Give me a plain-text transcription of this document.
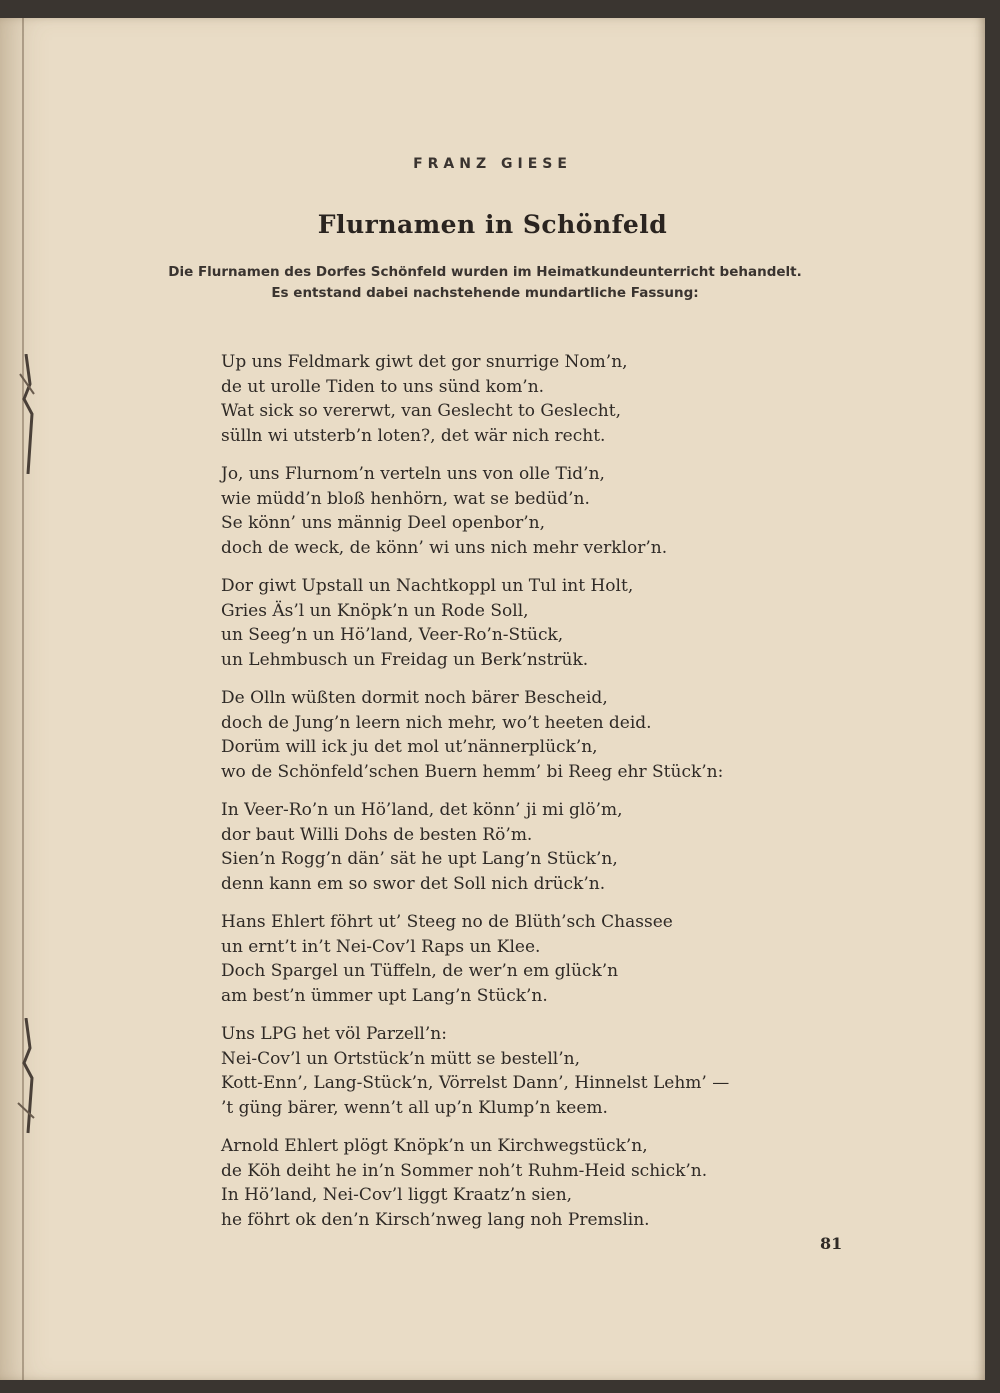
FRANZ GIESE
Flurnamen in Schönfeld
Die Flurnamen des Dorfes Schönfeld wurden im Heimatkundeunterricht behandelt.
Es entstand dabei nachstehende mundartliche Fassung:
Up uns Feldmark giwt det gor snurrige Nom’n,
de ut urolle Tiden to uns sünd kom’n.
Wat sick so vererwt, van Geslecht to Geslecht,
sülln wi utsterb’n loten?, det wär nich recht.
Jo, uns Flurnom’n verteln uns von olle Tid’n,
wie müdd’n bloß henhörn, wat se bedüd’n.
Se könn’ uns männig Deel openbor’n,
doch de weck, de könn’ wi uns nich mehr verklor’n.
Dor giwt Upstall un Nachtkoppl un Tul int Holt,
Gries Äs’l un Knöpk’n un Rode Soll,
un Seeg’n un Hö’land, Veer-Ro’n-Stück,
un Lehmbusch un Freidag un Berk’nstrük.
De Olln wüßten dormit noch bärer Bescheid,
doch de Jung’n leern nich mehr, wo’t heeten deid.
Dorüm will ick ju det mol ut’nännerplück’n,
wo de Schönfeld’schen Buern hemm’ bi Reeg ehr Stück’n:
In Veer-Ro’n un Hö’land, det könn’ ji mi glö’m,
dor baut Willi Dohs de besten Rö’m.
Sien’n Rogg’n dän’ sät he upt Lang’n Stück’n,
denn kann em so swor det Soll nich drück’n.
Hans Ehlert föhrt ut’ Steeg no de Blüth’sch Chassee
un ernt’t in’t Nei-Cov’l Raps un Klee.
Doch Spargel un Tüffeln, de wer’n em glück’n
am best’n ümmer upt Lang’n Stück’n.
Uns LPG het völ Parzell’n:
Nei-Cov’l un Ortstück’n mütt se bestell’n,
Kott-Enn’, Lang-Stück’n, Vörrelst Dann’, Hinnelst Lehm’ —
’t güng bärer, wenn’t all up’n Klump’n keem.
Arnold Ehlert plögt Knöpk’n un Kirchwegstück’n,
de Köh deiht he in’n Sommer noh’t Ruhm-Heid schick’n.
In Hö’land, Nei-Cov’l liggt Kraatz’n sien,
he föhrt ok den’n Kirsch’nweg lang noh Premslin.
81
